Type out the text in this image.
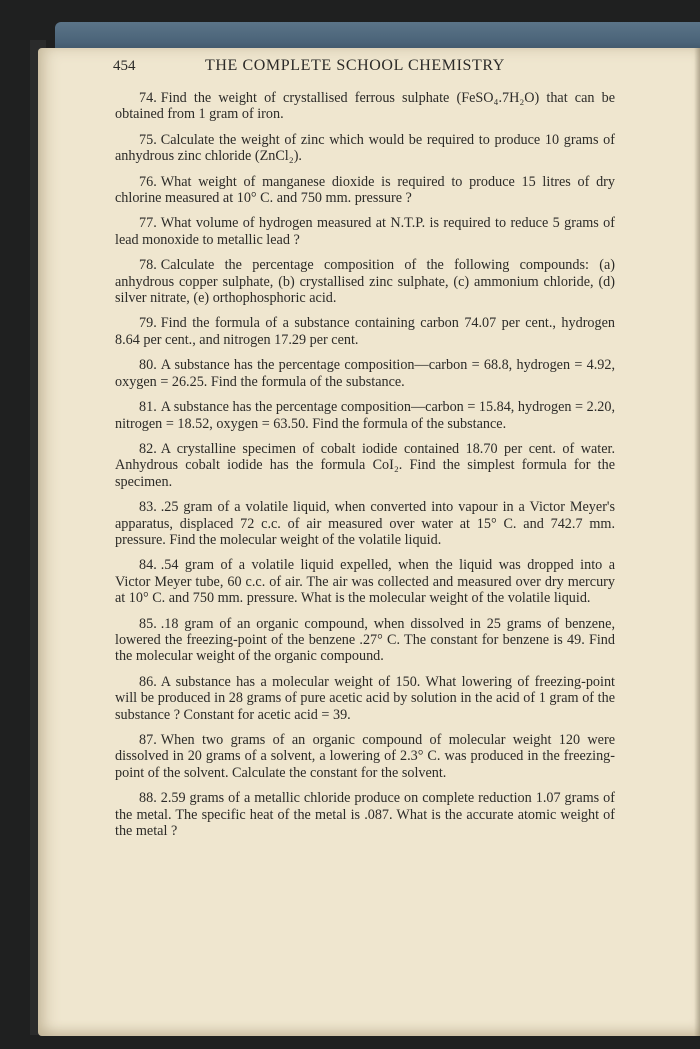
454	THE COMPLETE SCHOOL CHEMISTRY

74. Find the weight of crystallised ferrous sulphate (FeSO₄.7H₂O) that can be obtained from 1 gram of iron.

75. Calculate the weight of zinc which would be required to produce 10 grams of anhydrous zinc chloride (ZnCl₂).

76. What weight of manganese dioxide is required to produce 15 litres of dry chlorine measured at 10° C. and 750 mm. pressure ?

77. What volume of hydrogen measured at N.T.P. is required to reduce 5 grams of lead monoxide to metallic lead ?

78. Calculate the percentage composition of the following compounds: (a) anhydrous copper sulphate, (b) crystallised zinc sulphate, (c) ammonium chloride, (d) silver nitrate, (e) orthophosphoric acid.

79. Find the formula of a substance containing carbon 74.07 per cent., hydrogen 8.64 per cent., and nitrogen 17.29 per cent.

80. A substance has the percentage composition—carbon = 68.8, hydrogen = 4.92, oxygen = 26.25. Find the formula of the substance.

81. A substance has the percentage composition—carbon = 15.84, hydrogen = 2.20, nitrogen = 18.52, oxygen = 63.50. Find the formula of the substance.

82. A crystalline specimen of cobalt iodide contained 18.70 per cent. of water. Anhydrous cobalt iodide has the formula CoI₂. Find the simplest formula for the specimen.

83. .25 gram of a volatile liquid, when converted into vapour in a Victor Meyer's apparatus, displaced 72 c.c. of air measured over water at 15° C. and 742.7 mm. pressure. Find the molecular weight of the volatile liquid.

84. .54 gram of a volatile liquid expelled, when the liquid was dropped into a Victor Meyer tube, 60 c.c. of air. The air was collected and measured over dry mercury at 10° C. and 750 mm. pressure. What is the molecular weight of the volatile liquid.

85. .18 gram of an organic compound, when dissolved in 25 grams of benzene, lowered the freezing-point of the benzene .27° C. The constant for benzene is 49. Find the molecular weight of the organic compound.

86. A substance has a molecular weight of 150. What lowering of freezing-point will be produced in 28 grams of pure acetic acid by solution in the acid of 1 gram of the substance ? Constant for acetic acid = 39.

87. When two grams of an organic compound of molecular weight 120 were dissolved in 20 grams of a solvent, a lowering of 2.3° C. was produced in the freezing-point of the solvent. Calculate the constant for the solvent.

88. 2.59 grams of a metallic chloride produce on complete reduction 1.07 grams of the metal. The specific heat of the metal is .087. What is the accurate atomic weight of the metal ?
